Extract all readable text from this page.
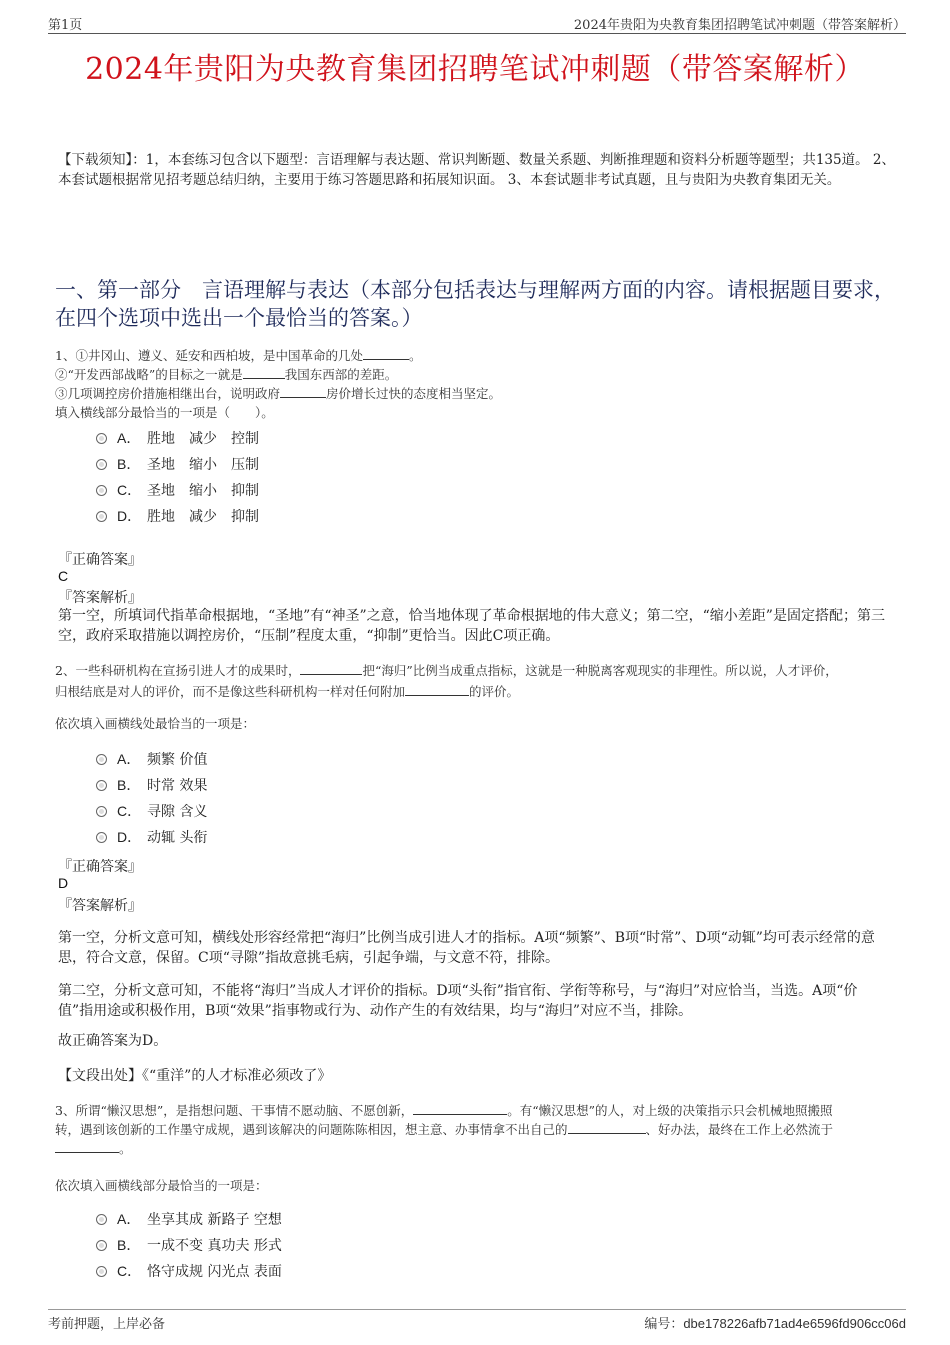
第1页	2024年贵阳为央教育集团招聘笔试冲刺题（带答案解析）
2024年贵阳为央教育集团招聘笔试冲刺题（带答案解析）
【下载须知】：1，本套练习包含以下题型：言语理解与表达题、常识判断题、数量关系题、判断推理题和资料分析题等题型；共135道。 2、本套试题根据常见招考题总结归纳，主要用于练习答题思路和拓展知识面。 3、本套试题非考试真题，且与贵阳为央教育集团无关。
一、第一部分　言语理解与表达（本部分包括表达与理解两方面的内容。请根据题目要求，在四个选项中选出一个最恰当的答案。）
1、①井冈山、遵义、延安和西柏坡，是中国革命的几处	。
②“开发西部战略”的目标之一就是	我国东西部的差距。
③几项调控房价措施相继出台，说明政府	房价增长过快的态度相当坚定。
填入横线部分最恰当的一项是（　　）。
A． 胜地　减少　控制
B． 圣地　缩小　压制
C． 圣地　缩小　抑制
D． 胜地　减少　抑制
『正确答案』
C
『答案解析』
第一空，所填词代指革命根据地，“圣地”有“神圣”之意，恰当地体现了革命根据地的伟大意义；第二空，“缩小差距”是固定搭配；第三空，政府采取措施以调控房价，“压制”程度太重，“抑制”更恰当。因此C项正确。
2、一些科研机构在宣扬引进人才的成果时，	把“海归”比例当成重点指标，这就是一种脱离客观现实的非理性。所以说，人才评价，
归根结底是对人的评价，而不是像这些科研机构一样对任何附加	的评价。
依次填入画横线处最恰当的一项是：
A． 频繁 价值
B． 时常 效果
C． 寻隙 含义
D． 动辄 头衔
『正确答案』
D
『答案解析』
第一空，分析文意可知，横线处形容经常把“海归”比例当成引进人才的指标。A项“频繁”、B项“时常”、D项“动辄”均可表示经常的意思，符合文意，保留。C项“寻隙”指故意挑毛病，引起争端，与文意不符，排除。
第二空，分析文意可知，不能将“海归”当成人才评价的指标。D项“头衔”指官衔、学衔等称号，与“海归”对应恰当，当选。A项“价值”指用途或积极作用，B项“效果”指事物或行为、动作产生的有效结果，均与“海归”对应不当，排除。
故正确答案为D。
【文段出处】《“重洋”的人才标准必须改了》
3、所谓“懒汉思想”，是指想问题、干事情不愿动脑、不愿创新，	。有“懒汉思想”的人，对上级的决策指示只会机械地照搬照
转，遇到该创新的工作墨守成规，遇到该解决的问题陈陈相因，想主意、办事情拿不出自己的	、好办法，最终在工作上必然流于
。
依次填入画横线部分最恰当的一项是：
A． 坐享其成 新路子 空想
B． 一成不变 真功夫 形式
C． 恪守成规 闪光点 表面
考前押题，上岸必备	编号：dbe178226afb71ad4e6596fd906cc06d
